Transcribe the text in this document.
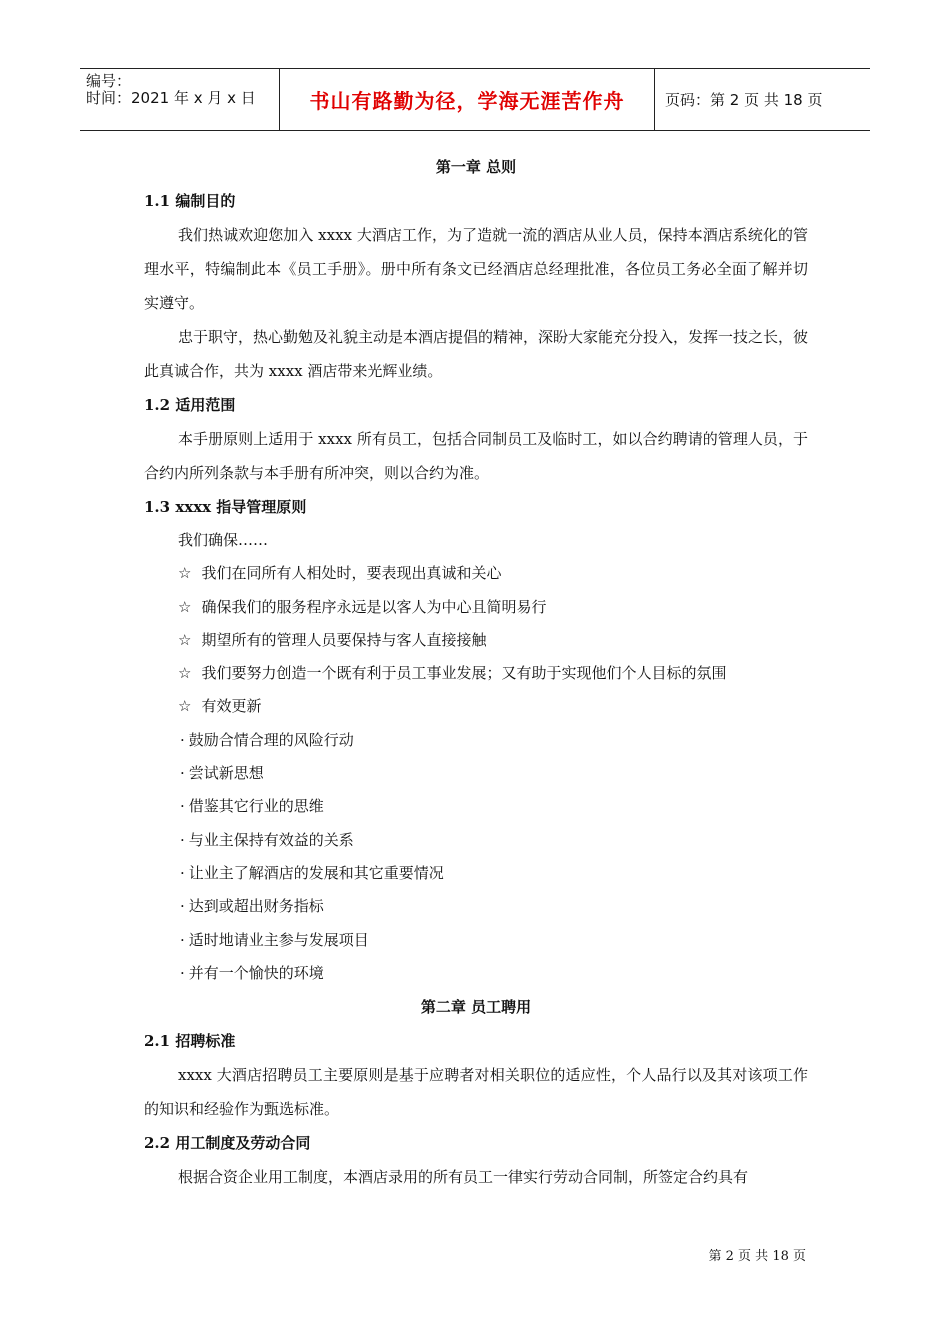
编号：
时间：2021 年 x 月 x 日	书山有路勤为径，学海无涯苦作舟	页码：第 2 页 共 18 页
第一章 总则
1.1 编制目的
我们热诚欢迎您加入 xxxx 大酒店工作，为了造就一流的酒店从业人员，保持本酒店系统化的管理水平，特编制此本《员工手册》。册中所有条文已经酒店总经理批准，各位员工务必全面了解并切实遵守。
忠于职守，热心勤勉及礼貌主动是本酒店提倡的精神，深盼大家能充分投入，发挥一技之长，彼此真诚合作，共为 xxxx 酒店带来光辉业绩。
1.2 适用范围
本手册原则上适用于 xxxx 所有员工，包括合同制员工及临时工，如以合约聘请的管理人员，于合约内所列条款与本手册有所冲突，则以合约为准。
1.3 xxxx 指导管理原则
我们确保……
☆ 我们在同所有人相处时，要表现出真诚和关心
☆ 确保我们的服务程序永远是以客人为中心且简明易行
☆ 期望所有的管理人员要保持与客人直接接触
☆ 我们要努力创造一个既有利于员工事业发展；又有助于实现他们个人目标的氛围
☆ 有效更新
· 鼓励合情合理的风险行动
· 尝试新思想
· 借鉴其它行业的思维
· 与业主保持有效益的关系
· 让业主了解酒店的发展和其它重要情况
· 达到或超出财务指标
· 适时地请业主参与发展项目
· 并有一个愉快的环境
第二章 员工聘用
2.1 招聘标准
xxxx 大酒店招聘员工主要原则是基于应聘者对相关职位的适应性，个人品行以及其对该项工作的知识和经验作为甄选标准。
2.2 用工制度及劳动合同
根据合资企业用工制度，本酒店录用的所有员工一律实行劳动合同制，所签定合约具有
第 2 页 共 18 页
